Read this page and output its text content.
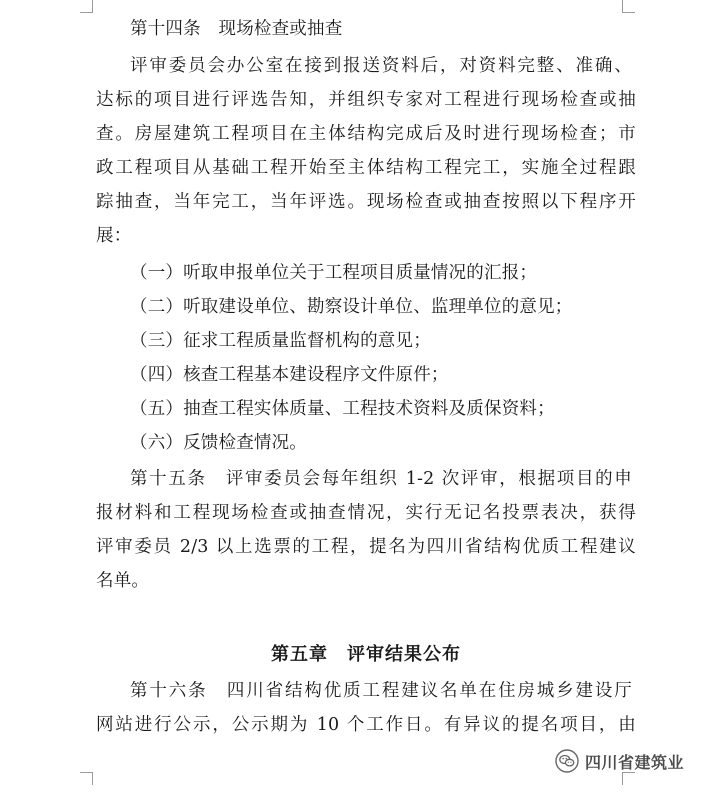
第十四条　现场检查或抽查
评审委员会办公室在接到报送资料后，对资料完整、准确、
达标的项目进行评选告知，并组织专家对工程进行现场检查或抽
查。房屋建筑工程项目在主体结构完成后及时进行现场检查；市
政工程项目从基础工程开始至主体结构工程完工，实施全过程跟
踪抽查，当年完工，当年评选。现场检查或抽查按照以下程序开
展：
（一）听取申报单位关于工程项目质量情况的汇报；
（二）听取建设单位、勘察设计单位、监理单位的意见；
（三）征求工程质量监督机构的意见；
（四）核查工程基本建设程序文件原件；
（五）抽查工程实体质量、工程技术资料及质保资料；
（六）反馈检查情况。
第十五条　评审委员会每年组织 1-2 次评审，根据项目的申
报材料和工程现场检查或抽查情况，实行无记名投票表决，获得
评审委员 2/3 以上选票的工程，提名为四川省结构优质工程建议
名单。
第五章　评审结果公布
第十六条　四川省结构优质工程建议名单在住房城乡建设厅
网站进行公示，公示期为 10 个工作日。有异议的提名项目，由
四川省建筑业
